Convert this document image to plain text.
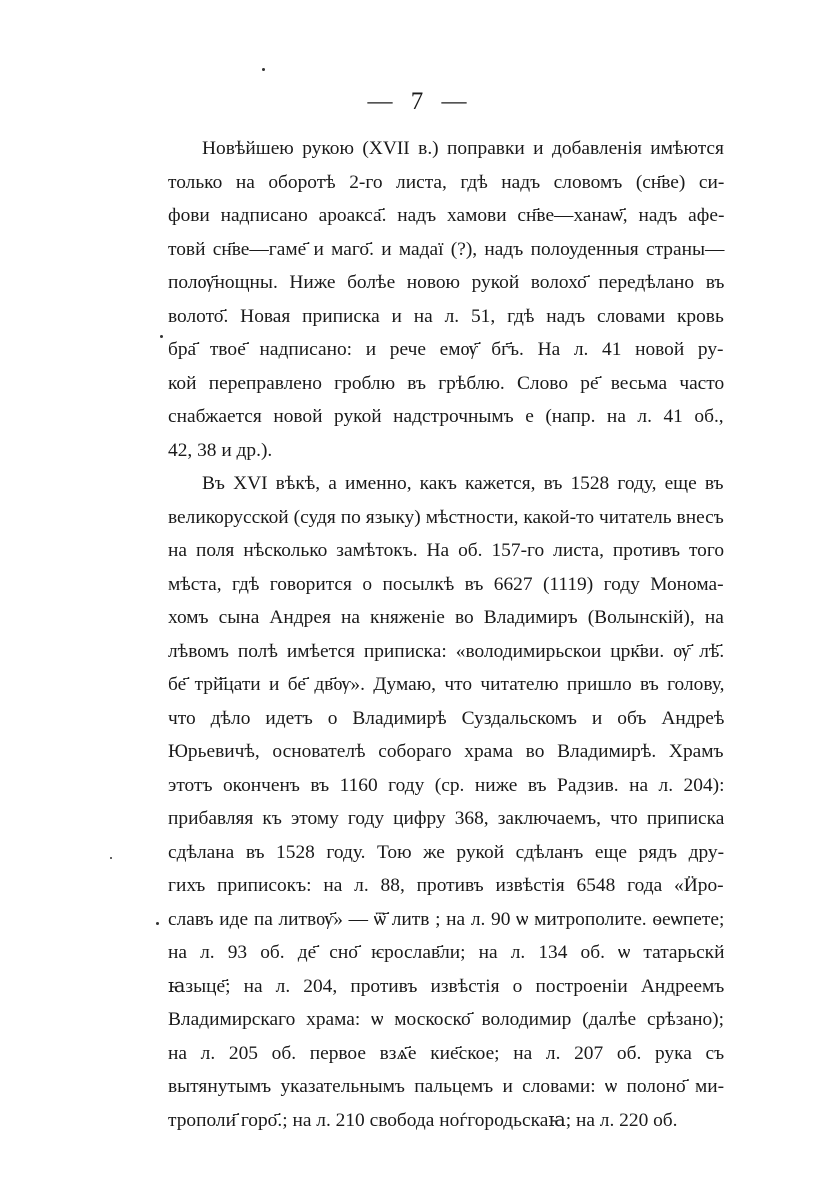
— 7 —
Новѣйшею рукою (XVII в.) поправки и добавленія имѣются
только на оборотѣ 2-го листа, гдѣ надъ словомъ (сн҃ве) си-
фови надписано ароакса҃. надъ хамови сн҃ве—ханаѡ҃, надъ афе-
товй сн҃ве—гаме҃ и маго҃. и мадаї (?), надъ полоуденныя страны—
полѹ҃нощны. Ниже болѣе новою рукой волохо҃ передѣлано въ
волото҃. Новая приписка и на л. 51, гдѣ надъ словами кровь
бра҃ твое҃ надписано: и рече емѹ҃ бг҃ъ. На л. 41 новой ру-
кой переправлено гроблю въ грѣблю. Слово ре҃ весьма часто
снабжается новой рукой надстрочнымъ е (напр. на л. 41 об.,
42, 38 и др.).
Въ XVI вѣкѣ, а именно, какъ кажется, въ 1528 году, еще въ
великорусской (судя по языку) мѣстности, какой-то читатель внесъ
на поля нѣсколько замѣтокъ. На об. 157-го листа, противъ того
мѣста, гдѣ говорится о посылкѣ въ 6627 (1119) году Монома-
хомъ сына Андрея на княженіе во Владимиръ (Волынскій), на
лѣвомъ полѣ имѣется приписка: «володимирьскои црк҃ви. ѹ҃ лѣ҃.
бе҃ трй҃цати и бе҃ дв҃ѹ». Думаю, что читателю пришло въ голову,
что дѣло идетъ о Владимирѣ Суздальскомъ и объ Андреѣ
Юрьевичѣ, основателѣ собораго храма во Владимирѣ. Храмъ
этотъ оконченъ въ 1160 году (ср. ниже въ Радзив. на л. 204):
прибавляя къ этому году цифру 368, заключаемъ, что приписка
сдѣлана въ 1528 году. Тою же рукой сдѣланъ еще рядъ дру-
гихъ приписокъ: на л. 88, противъ извѣстія 6548 года «Ӥро-
славъ иде па литвѹ҃» — ѿ҃ литв ; на л. 90 ѡ митрополите. ѳеѡпете;
на л. 93 об. де҃ сно҃ ѥрослав҃ли; на л. 134 об. ѡ татарьскй
ꙗзыце҃; на л. 204, противъ извѣстія о построеніи Андреемъ
Владимирскаго храма: ѡ москоско҃ володимир (далѣе срѣзано);
на л. 205 об. первое взѧ҃е кие҃ское; на л. 207 об. рука съ
вытянутымъ указательнымъ пальцемъ и словами: ѡ полоно҃ ми-
трополи҃ горо҃.; на л. 210 свобода ноѓгородьскаꙗ; на л. 220 об.
